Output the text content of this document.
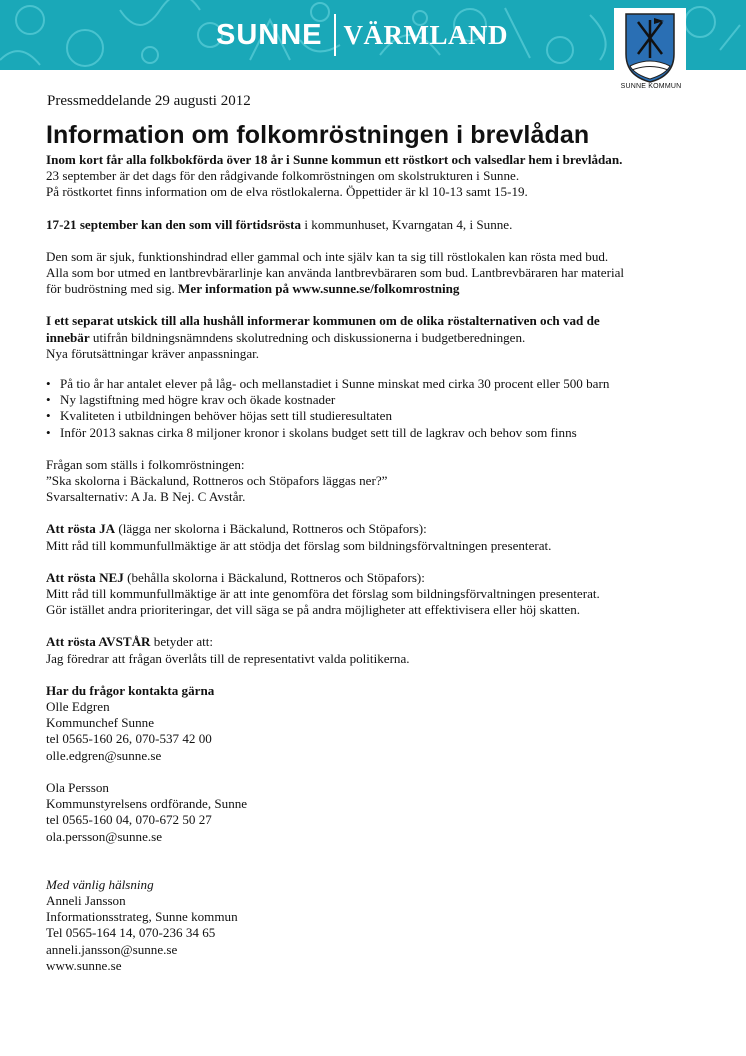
SUNNE VÄRMLAND
SUNNE KOMMUN
Pressmeddelande 29 augusti 2012
Information om folkomröstningen i brevlådan

Inom kort får alla folkbokförda över 18 år i Sunne kommun ett röstkort och valsedlar hem i brevlådan.
23 september är det dags för den rådgivande folkomröstningen om skolstrukturen i Sunne.
På röstkortet finns information om de elva röstlokalerna. Öppettider är kl 10-13 samt 15-19.

17-21 september kan den som vill förtidsrösta i kommunhuset, Kvarngatan 4, i Sunne.

Den som är sjuk, funktionshindrad eller gammal och inte själv kan ta sig till röstlokalen kan rösta med bud.
Alla som bor utmed en lantbrevbärarlinje kan använda lantbrevbäraren som bud. Lantbrevbäraren har material
för budröstning med sig. Mer information på www.sunne.se/folkomrostning

I ett separat utskick till alla hushåll informerar kommunen om de olika röstalternativen och vad de
innebär utifrån bildningsnämndens skolutredning och diskussionerna i budgetberedningen.
Nya förutsättningar kräver anpassningar.

• På tio år har antalet elever på låg- och mellanstadiet i Sunne minskat med cirka 30 procent eller 500 barn
• Ny lagstiftning med högre krav och ökade kostnader
• Kvaliteten i utbildningen behöver höjas sett till studieresultaten
• Inför 2013 saknas cirka 8 miljoner kronor i skolans budget sett till de lagkrav och behov som finns

Frågan som ställs i folkomröstningen:
”Ska skolorna i Bäckalund, Rottneros och Stöpafors läggas ner?”
Svarsalternativ: A Ja. B Nej. C Avstår.

Att rösta JA (lägga ner skolorna i Bäckalund, Rottneros och Stöpafors):
Mitt råd till kommunfullmäktige är att stödja det förslag som bildningsförvaltningen presenterat.

Att rösta NEJ (behålla skolorna i Bäckalund, Rottneros och Stöpafors):
Mitt råd till kommunfullmäktige är att inte genomföra det förslag som bildningsförvaltningen presenterat.
Gör istället andra prioriteringar, det vill säga se på andra möjligheter att effektivisera eller höj skatten.

Att rösta AVSTÅR betyder att:
Jag föredrar att frågan överlåts till de representativt valda politikerna.

Har du frågor kontakta gärna
Olle Edgren
Kommunchef Sunne
tel 0565-160 26, 070-537 42 00
olle.edgren@sunne.se

Ola Persson
Kommunstyrelsens ordförande, Sunne
tel 0565-160 04, 070-672 50 27
ola.persson@sunne.se

Med vänlig hälsning
Anneli Jansson
Informationsstrateg, Sunne kommun
Tel 0565-164 14, 070-236 34 65
anneli.jansson@sunne.se
www.sunne.se
